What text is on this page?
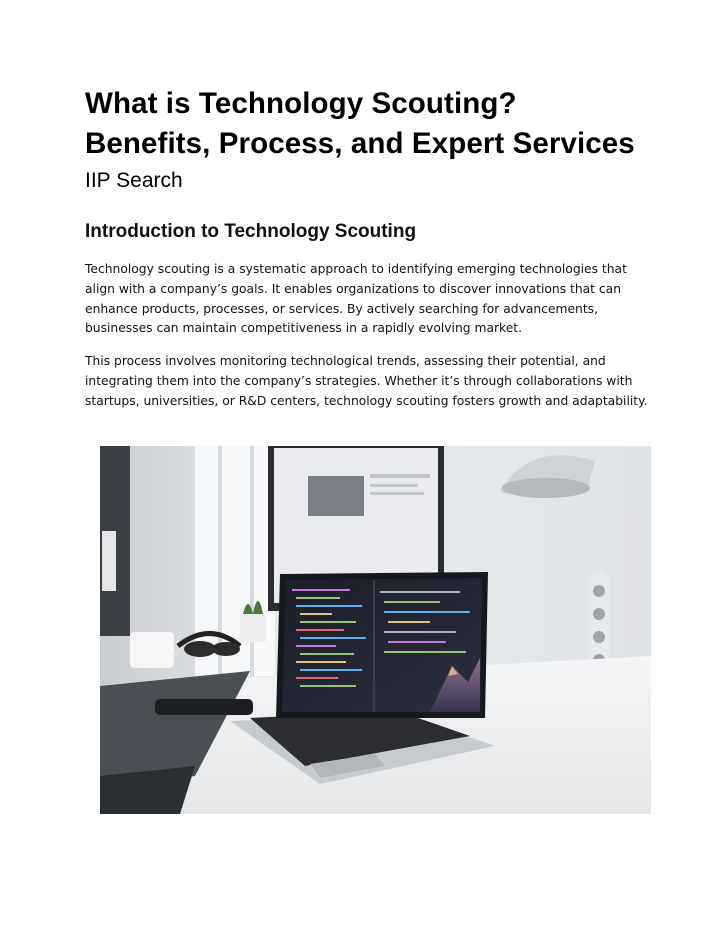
What is Technology Scouting?
Benefits, Process, and Expert Services
IIP Search
Introduction to Technology Scouting

Technology scouting is a systematic approach to identifying emerging technologies that align with a company’s goals. It enables organizations to discover innovations that can enhance products, processes, or services. By actively searching for advancements, businesses can maintain competitiveness in a rapidly evolving market.

This process involves monitoring technological trends, assessing their potential, and integrating them into the company’s strategies. Whether it’s through collaborations with startups, universities, or R&D centers, technology scouting fosters growth and adaptability.
